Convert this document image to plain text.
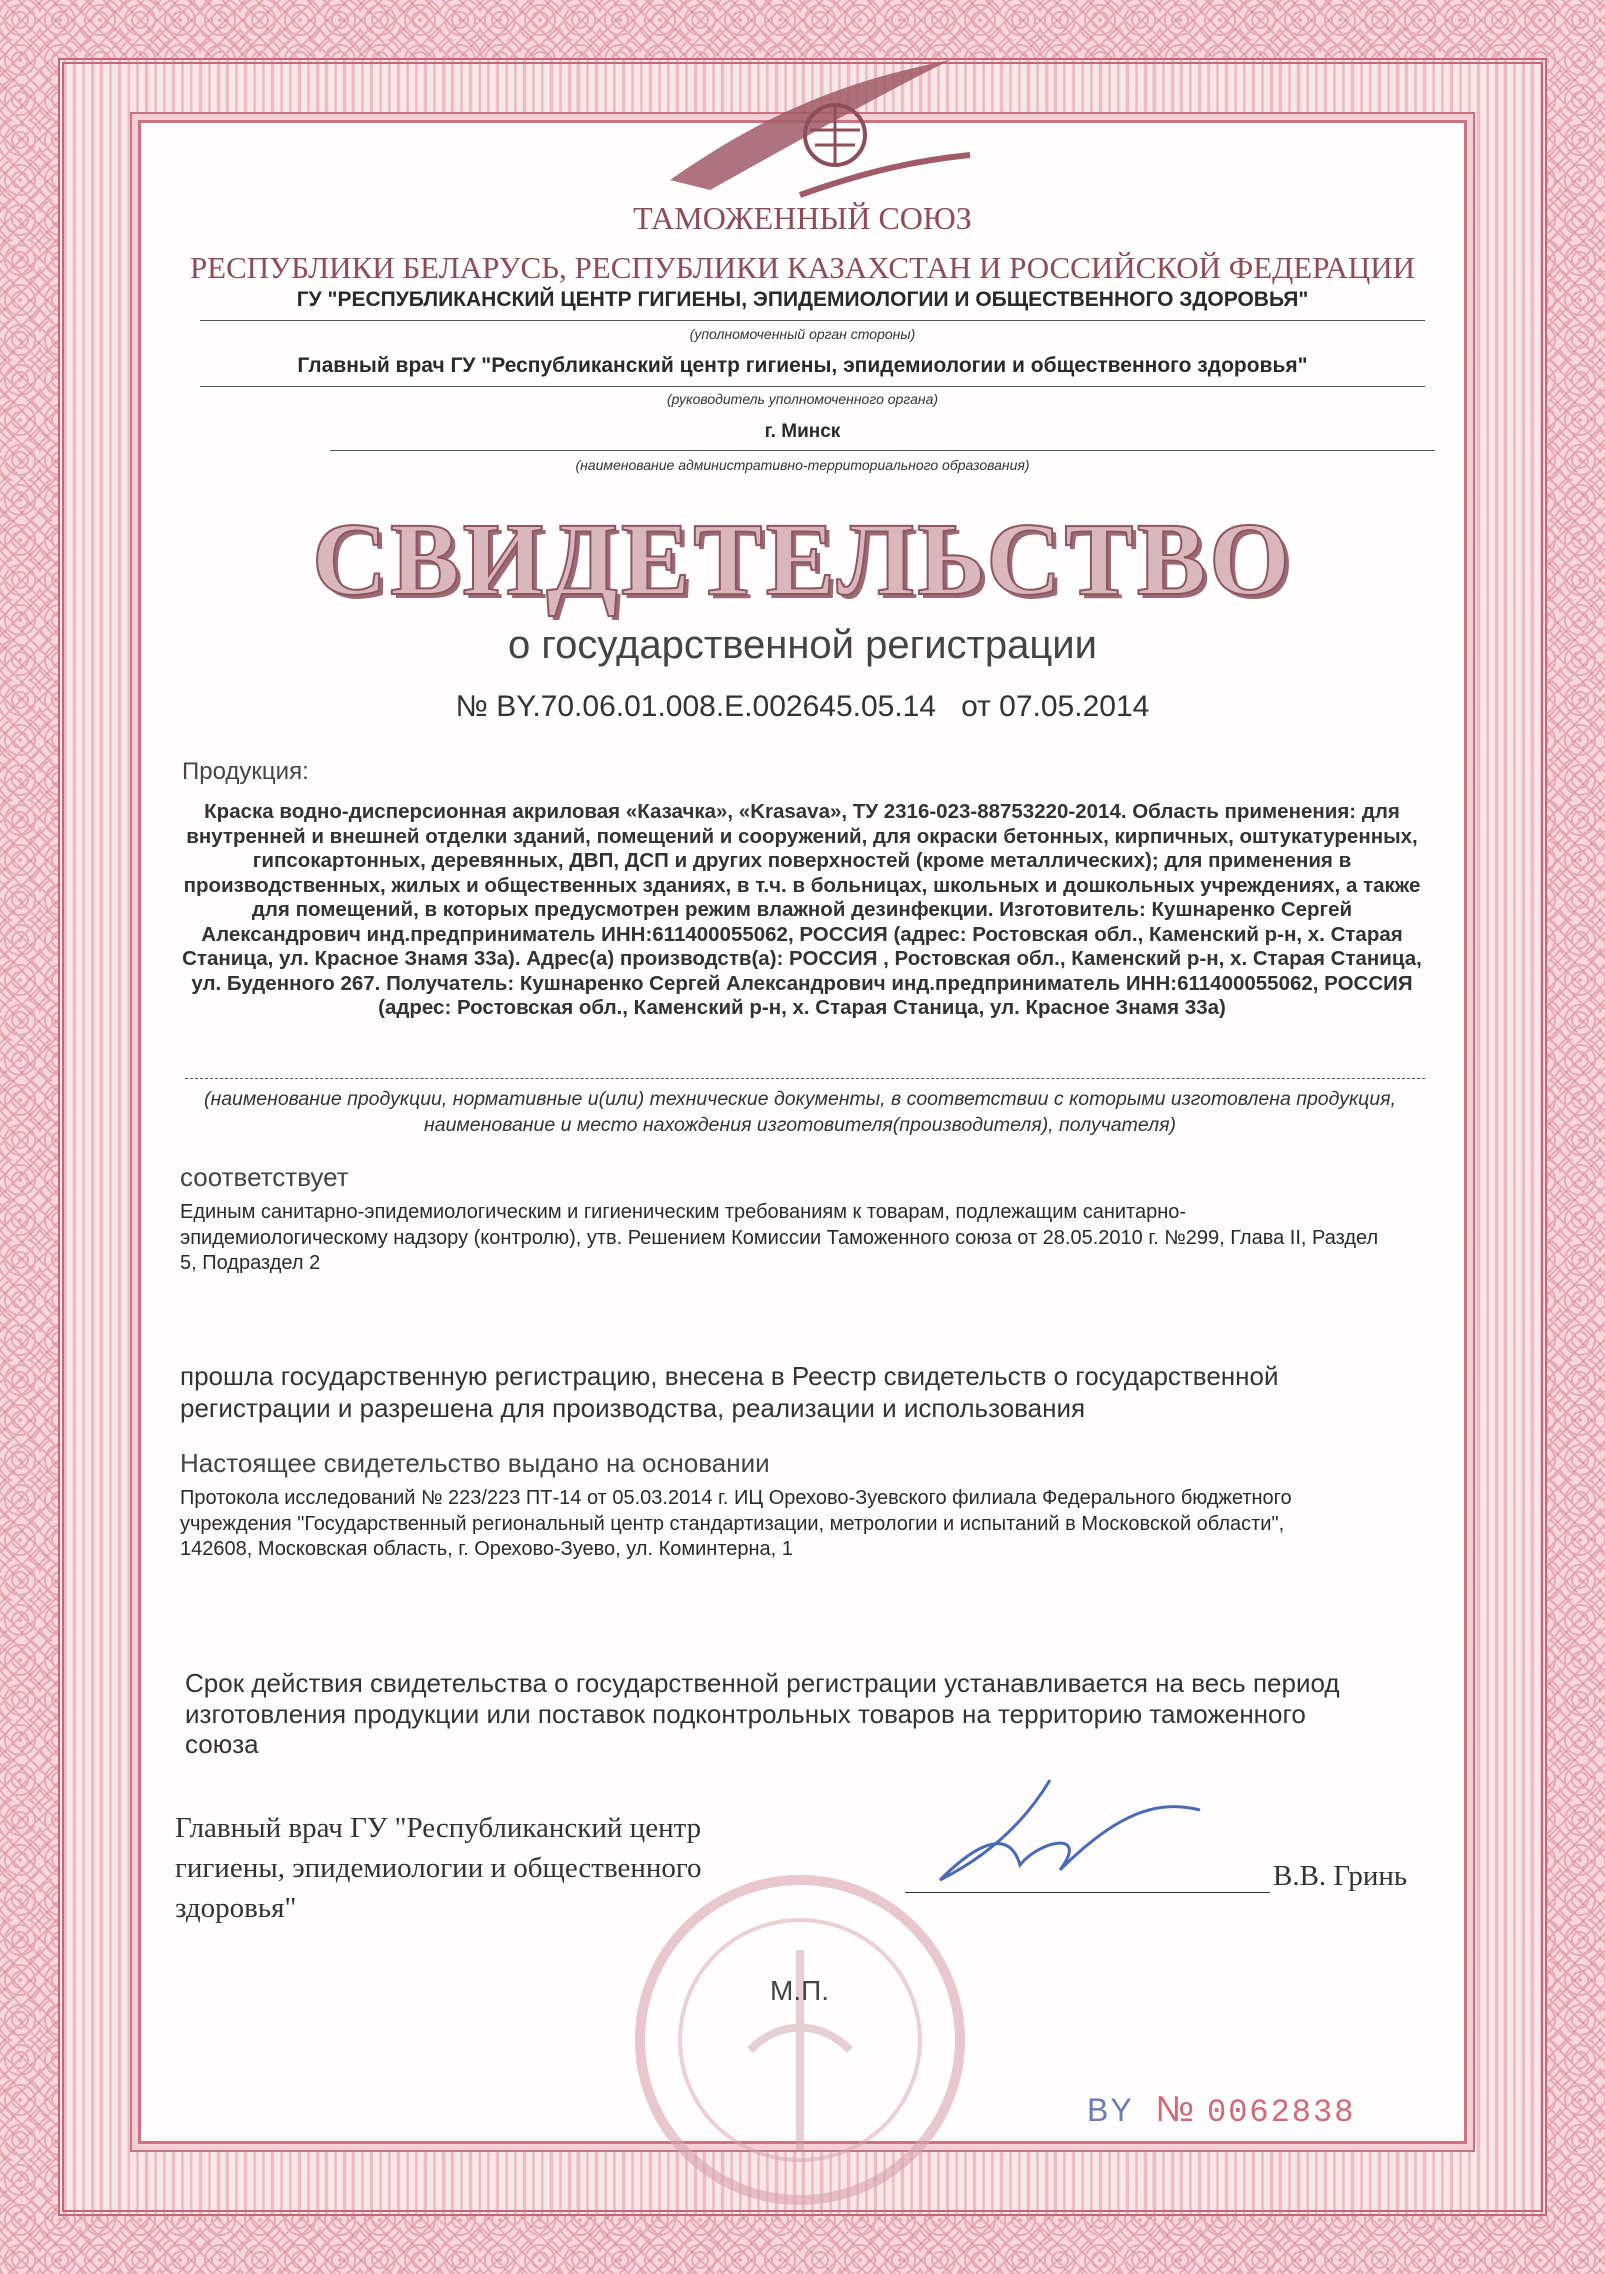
ТАМОЖЕННЫЙ СОЮЗ
РЕСПУБЛИКИ БЕЛАРУСЬ, РЕСПУБЛИКИ КАЗАХСТАН И РОССИЙСКОЙ ФЕДЕРАЦИИ
ГУ "РЕСПУБЛИКАНСКИЙ ЦЕНТР ГИГИЕНЫ, ЭПИДЕМИОЛОГИИ И ОБЩЕСТВЕННОГО ЗДОРОВЬЯ"
(уполномоченный орган стороны)
Главный врач ГУ "Республиканский центр гигиены, эпидемиологии и общественного здоровья"
(руководитель уполномоченного органа)
г. Минск
(наименование административно-территориального образования)
СВИДЕТЕЛЬСТВО
о государственной регистрации
№ BY.70.06.01.008.E.002645.05.14 от 07.05.2014
Продукция:
Краска водно-дисперсионная акриловая «Казачка», «Krasava», ТУ 2316-023-88753220-2014. Область применения: для внутренней и внешней отделки зданий, помещений и сооружений, для окраски бетонных, кирпичных, оштукатуренных, гипсокартонных, деревянных, ДВП, ДСП и других поверхностей (кроме металлических); для применения в производственных, жилых и общественных зданиях, в т.ч. в больницах, школьных и дошкольных учреждениях, а также для помещений, в которых предусмотрен режим влажной дезинфекции. Изготовитель: Кушнаренко Сергей Александрович инд.предприниматель ИНН:611400055062, РОССИЯ (адрес: Ростовская обл., Каменский р-н, х. Старая Станица, ул. Красное Знамя 33а). Адрес(а) производств(а): РОССИЯ , Ростовская обл., Каменский р-н, х. Старая Станица, ул. Буденного 267. Получатель: Кушнаренко Сергей Александрович инд.предприниматель ИНН:611400055062, РОССИЯ (адрес: Ростовская обл., Каменский р-н, х. Старая Станица, ул. Красное Знамя 33а)
(наименование продукции, нормативные и(или) технические документы, в соответствии с которыми изготовлена продукция, наименование и место нахождения изготовителя(производителя), получателя)
соответствует
Единым санитарно-эпидемиологическим и гигиеническим требованиям к товарам, подлежащим санитарно-эпидемиологическому надзору (контролю), утв. Решением Комиссии Таможенного союза от 28.05.2010 г. №299, Глава II, Раздел 5, Подраздел 2
прошла государственную регистрацию, внесена в Реестр свидетельств о государственной регистрации и разрешена для производства, реализации и использования
Настоящее свидетельство выдано на основании
Протокола исследований № 223/223 ПТ-14 от 05.03.2014 г. ИЦ Орехово-Зуевского филиала Федерального бюджетного учреждения "Государственный региональный центр стандартизации, метрологии и испытаний в Московской области", 142608, Московская область, г. Орехово-Зуево, ул. Коминтерна, 1
Срок действия свидетельства о государственной регистрации устанавливается на весь период изготовления продукции или поставок подконтрольных товаров на территорию таможенного союза
Главный врач ГУ "Республиканский центр гигиены, эпидемиологии и общественного здоровья"
В.В. Гринь
М.П.
BY № 0062838
